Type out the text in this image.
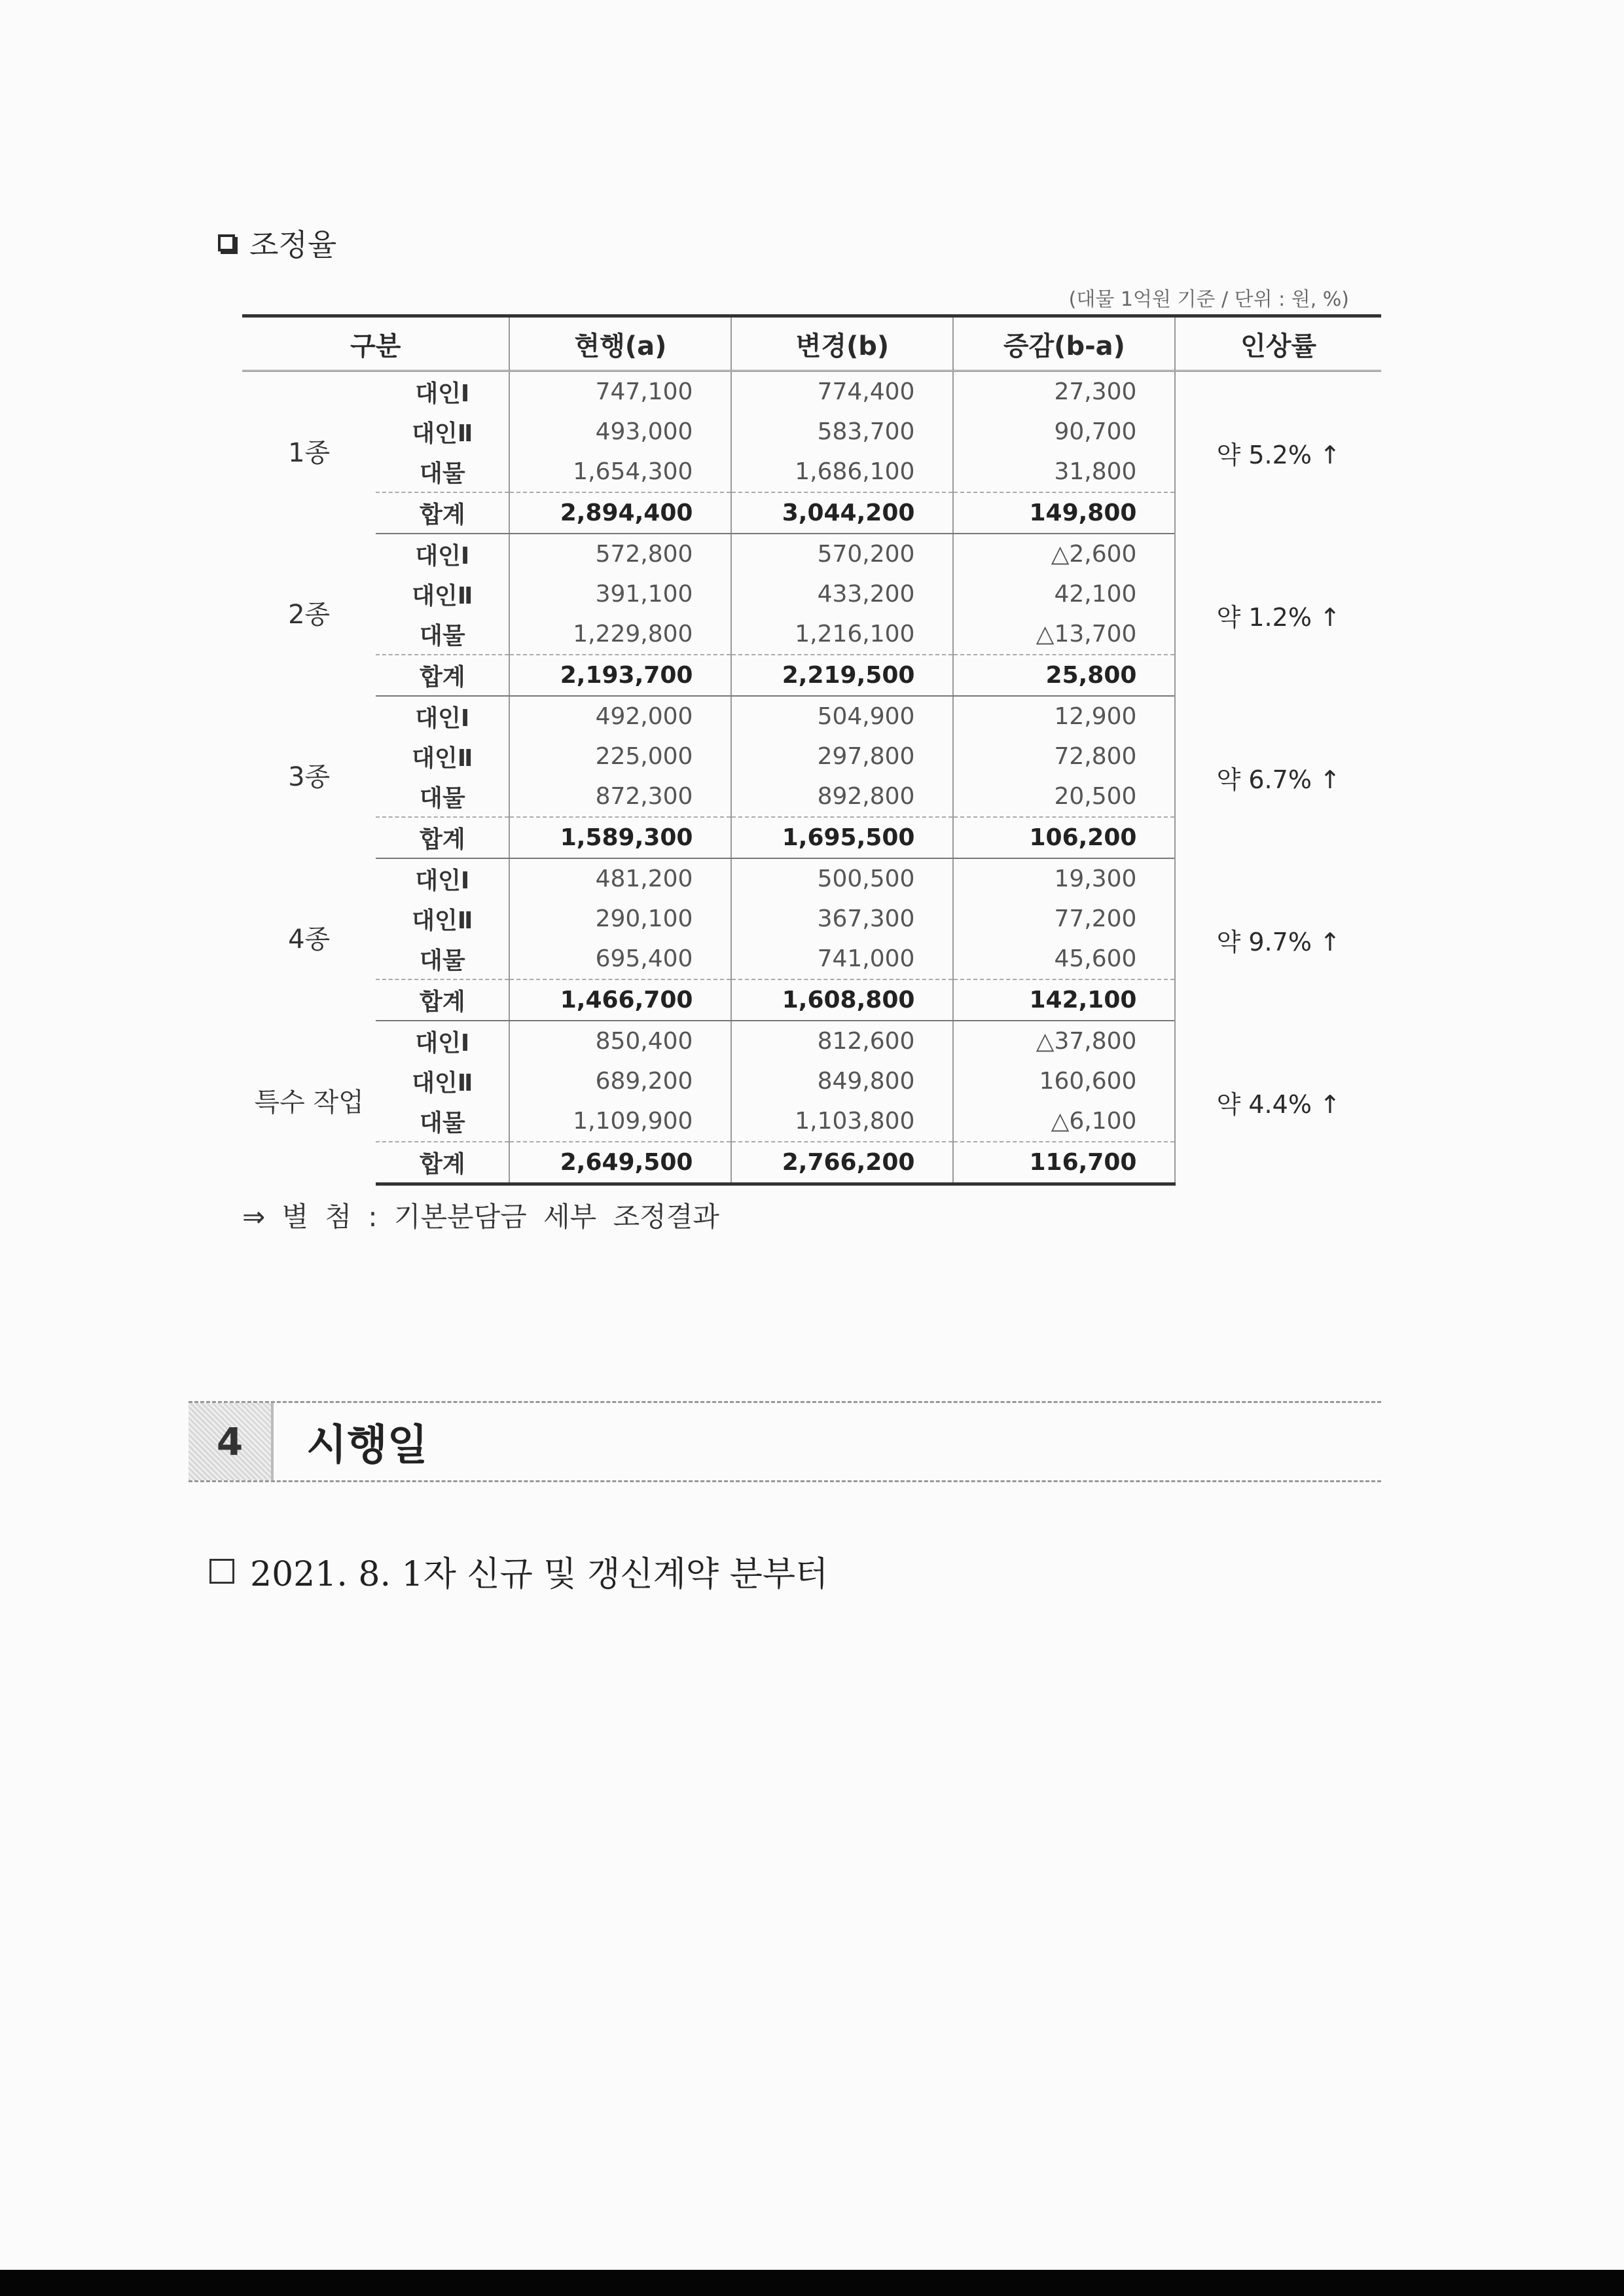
조정율
(대물 1억원 기준 / 단위 : 원, %)
구분		현행(a)	변경(b)	증감(b-a)	인상률
1종	대인Ⅰ	747,100	774,400	27,300	약 5.2% ↑
	대인Ⅱ	493,000	583,700	90,700	
	대물	1,654,300	1,686,100	31,800	
	합계	2,894,400	3,044,200	149,800	
2종	대인Ⅰ	572,800	570,200	△2,600	약 1.2% ↑
	대인Ⅱ	391,100	433,200	42,100	
	대물	1,229,800	1,216,100	△13,700	
	합계	2,193,700	2,219,500	25,800	
3종	대인Ⅰ	492,000	504,900	12,900	약 6.7% ↑
	대인Ⅱ	225,000	297,800	72,800	
	대물	872,300	892,800	20,500	
	합계	1,589,300	1,695,500	106,200	
4종	대인Ⅰ	481,200	500,500	19,300	약 9.7% ↑
	대인Ⅱ	290,100	367,300	77,200	
	대물	695,400	741,000	45,600	
	합계	1,466,700	1,608,800	142,100	
특수 작업	대인Ⅰ	850,400	812,600	△37,800	약 4.4% ↑
	대인Ⅱ	689,200	849,800	160,600	
	대물	1,109,900	1,103,800	△6,100	
	합계	2,649,500	2,766,200	116,700	
⇒ 별 첨 : 기본분담금 세부 조정결과
4	시행일
2021. 8. 1자 신규 및 갱신계약 분부터
